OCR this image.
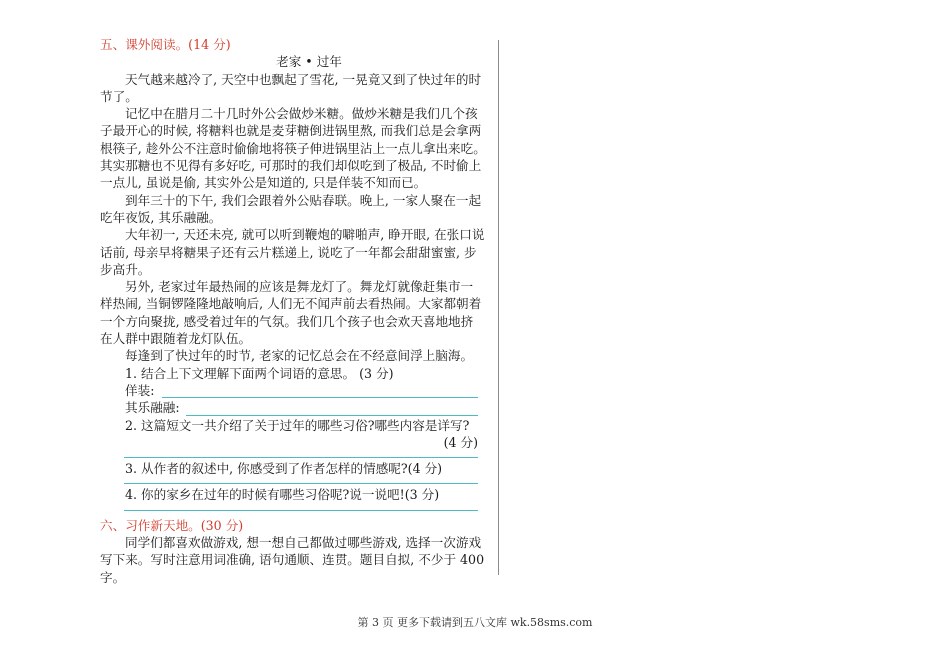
五、课外阅读。(14 分)
老家 • 过年
天气越来越冷了, 天空中也飘起了雪花, 一晃竟又到了快过年的时
节了。
记忆中在腊月二十几时外公会做炒米糖。做炒米糖是我们几个孩
子最开心的时候, 将糖料也就是麦芽糖倒进锅里熬, 而我们总是会拿两
根筷子, 趁外公不注意时偷偷地将筷子伸进锅里沾上一点儿拿出来吃。
其实那糖也不见得有多好吃, 可那时的我们却似吃到了极品, 不时偷上
一点儿, 虽说是偷, 其实外公是知道的, 只是佯装不知而已。
到年三十的下午, 我们会跟着外公贴春联。晚上, 一家人聚在一起
吃年夜饭, 其乐融融。
大年初一, 天还未亮, 就可以听到鞭炮的噼啪声, 睁开眼, 在张口说
话前, 母亲早将糖果子还有云片糕递上, 说吃了一年都会甜甜蜜蜜, 步
步高升。
另外, 老家过年最热闹的应该是舞龙灯了。舞龙灯就像赶集市一
样热闹, 当铜锣隆隆地敲响后, 人们无不闻声前去看热闹。大家都朝着
一个方向聚拢, 感受着过年的气氛。我们几个孩子也会欢天喜地地挤
在人群中跟随着龙灯队伍。
每逢到了快过年的时节, 老家的记忆总会在不经意间浮上脑海。
1. 结合上下文理解下面两个词语的意思。 (3 分)
佯装:
其乐融融:
2. 这篇短文一共介绍了关于过年的哪些习俗?哪些内容是详写?
(4 分)
3. 从作者的叙述中, 你感受到了作者怎样的情感呢?(4 分)
4. 你的家乡在过年的时候有哪些习俗呢?说一说吧!(3 分)
六、习作新天地。(30 分)
同学们都喜欢做游戏, 想一想自己都做过哪些游戏, 选择一次游戏
写下来。写时注意用词准确, 语句通顺、连贯。题目自拟, 不少于 400
字。
第 3 页 更多下载请到五八文库 wk.58sms.com
